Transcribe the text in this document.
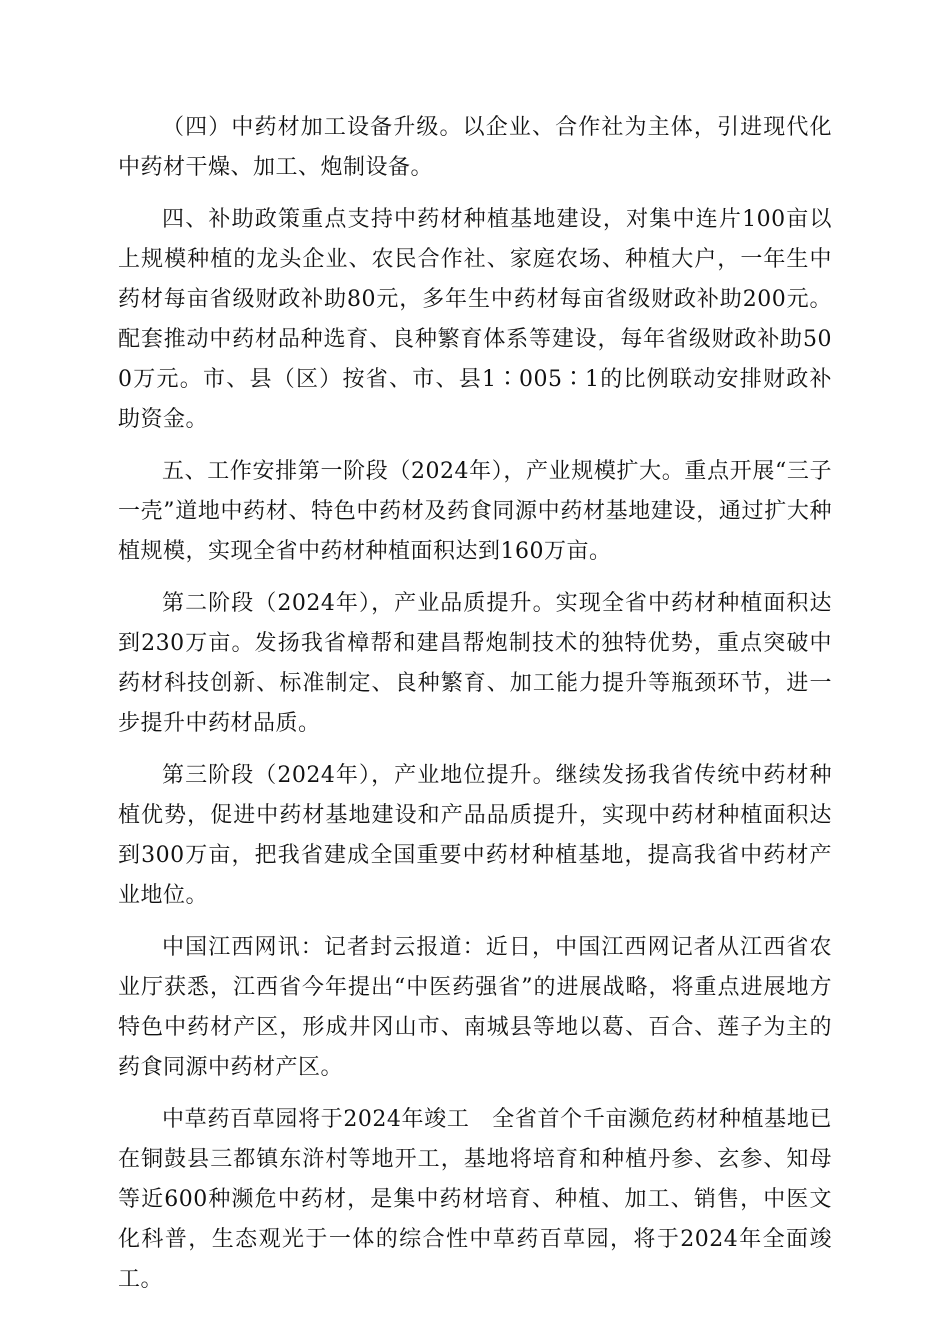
（四）中药材加工设备升级。以企业、合作社为主体，引进现代化中药材干燥、加工、炮制设备。

四、补助政策重点支持中药材种植基地建设，对集中连片100亩以上规模种植的龙头企业、农民合作社、家庭农场、种植大户，一年生中药材每亩省级财政补助80元，多年生中药材每亩省级财政补助200元。配套推动中药材品种选育、良种繁育体系等建设，每年省级财政补助500万元。市、县（区）按省、市、县1∶005∶1的比例联动安排财政补助资金。

五、工作安排第一阶段（2024年），产业规模扩大。重点开展“三子一壳”道地中药材、特色中药材及药食同源中药材基地建设，通过扩大种植规模，实现全省中药材种植面积达到160万亩。

第二阶段（2024年），产业品质提升。实现全省中药材种植面积达到230万亩。发扬我省樟帮和建昌帮炮制技术的独特优势，重点突破中药材科技创新、标准制定、良种繁育、加工能力提升等瓶颈环节，进一步提升中药材品质。

第三阶段（2024年），产业地位提升。继续发扬我省传统中药材种植优势，促进中药材基地建设和产品品质提升，实现中药材种植面积达到300万亩，把我省建成全国重要中药材种植基地，提高我省中药材产业地位。

中国江西网讯：记者封云报道：近日，中国江西网记者从江西省农业厅获悉，江西省今年提出“中医药强省”的进展战略，将重点进展地方特色中药材产区，形成井冈山市、南城县等地以葛、百合、莲子为主的药食同源中药材产区。

中草药百草园将于2024年竣工　全省首个千亩濒危药材种植基地已在铜鼓县三都镇东浒村等地开工，基地将培育和种植丹参、玄参、知母等近600种濒危中药材，是集中药材培育、种植、加工、销售，中医文化科普，生态观光于一体的综合性中草药百草园，将于2024年全面竣工。
